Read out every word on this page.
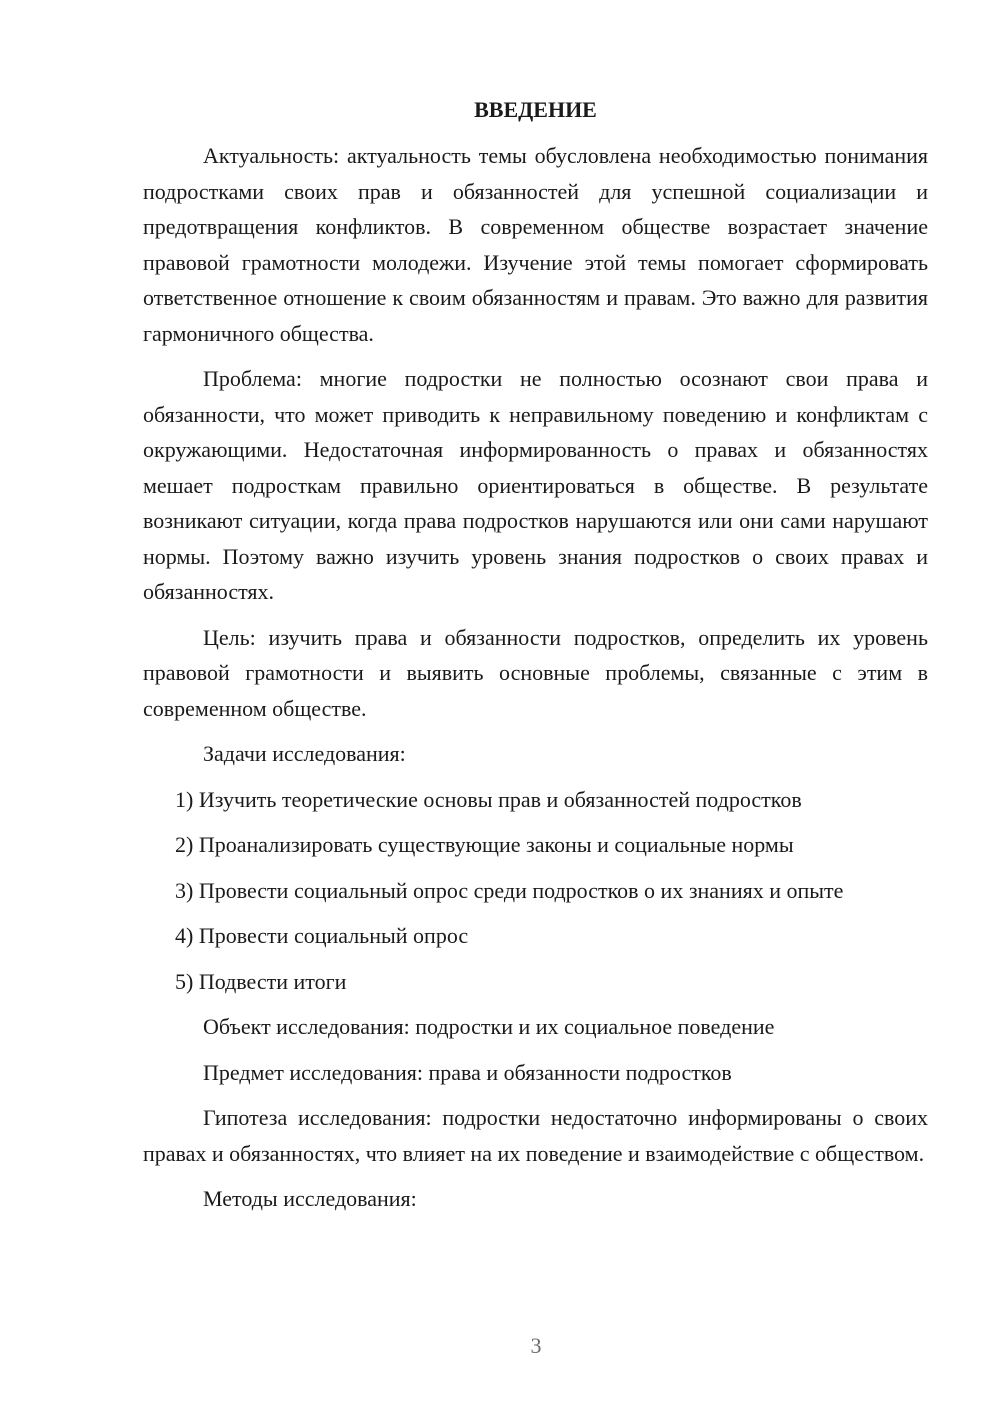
ВВЕДЕНИЕ

Актуальность: актуальность темы обусловлена необходимостью понимания подростками своих прав и обязанностей для успешной социализации и предотвращения конфликтов. В современном обществе возрастает значение правовой грамотности молодежи. Изучение этой темы помогает сформировать ответственное отношение к своим обязанностям и правам. Это важно для развития гармоничного общества.

Проблема: многие подростки не полностью осознают свои права и обязанности, что может приводить к неправильному поведению и конфликтам с окружающими. Недостаточная информированность о правах и обязанностях мешает подросткам правильно ориентироваться в обществе. В результате возникают ситуации, когда права подростков нарушаются или они сами нарушают нормы. Поэтому важно изучить уровень знания подростков о своих правах и обязанностях.

Цель: изучить права и обязанности подростков, определить их уровень правовой грамотности и выявить основные проблемы, связанные с этим в современном обществе.

Задачи исследования:

1) Изучить теоретические основы прав и обязанностей подростков

2) Проанализировать существующие законы и социальные нормы

3) Провести социальный опрос среди подростков о их знаниях и опыте

4) Провести социальный опрос

5) Подвести итоги

Объект исследования: подростки и их социальное поведение

Предмет исследования: права и обязанности подростков

Гипотеза исследования: подростки недостаточно информированы о своих правах и обязанностях, что влияет на их поведение и взаимодействие с обществом.

Методы исследования:

3
